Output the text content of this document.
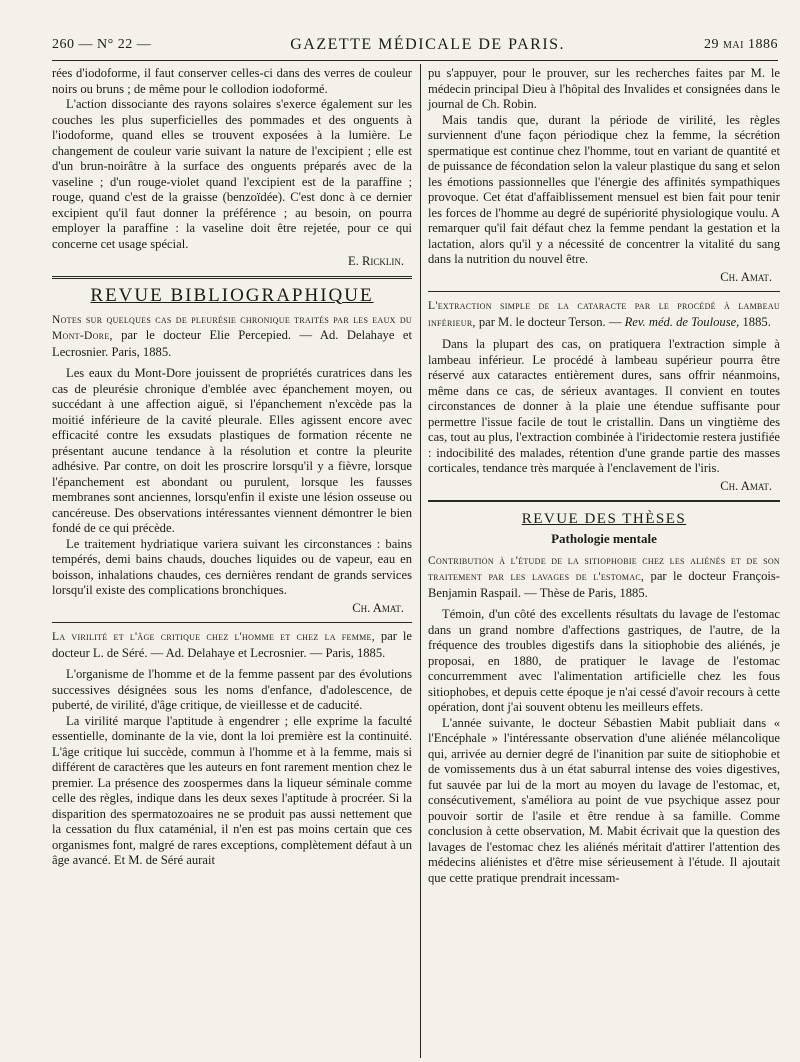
260 — N° 22 —	GAZETTE MÉDICALE DE PARIS.	29 mai 1886

rées d'iodoforme, il faut conserver celles-ci dans des verres de couleur noirs ou bruns ; de même pour le collodion iodoformé.

L'action dissociante des rayons solaires s'exerce également sur les couches les plus superficielles des pommades et des onguents à l'iodoforme, quand elles se trouvent exposées à la lumière. Le changement de couleur varie suivant la nature de l'excipient ; elle est d'un brun-noirâtre à la surface des onguents préparés avec de la vaseline ; d'un rouge-violet quand l'excipient est de la paraffine ; rouge, quand c'est de la graisse (benzoïdée). C'est donc à ce dernier excipient qu'il faut donner la préférence ; au besoin, on pourra employer la paraffine : la vaseline doit être rejetée, pour ce qui concerne cet usage spécial.

E. Ricklin.

REVUE BIBLIOGRAPHIQUE

Notes sur quelques cas de pleurésie chronique traités par les eaux du Mont-Dore, par le docteur Elie Percepied. — Ad. Delahaye et Lecrosnier. Paris, 1885.

Les eaux du Mont-Dore jouissent de propriétés curatrices dans les cas de pleurésie chronique d'emblée avec épanchement moyen, ou succédant à une affection aiguë, si l'épanchement n'excède pas la moitié inférieure de la cavité pleurale. Elles agissent encore avec efficacité contre les exsudats plastiques de formation récente ne présentant aucune tendance à la résolution et contre la pleurite adhésive. Par contre, on doit les proscrire lorsqu'il y a fièvre, lorsque l'épanchement est abondant ou purulent, lorsque les fausses membranes sont anciennes, lorsqu'enfin il existe une lésion osseuse ou cancéreuse. Des observations intéressantes viennent démontrer le bien fondé de ce qui précède.

Le traitement hydriatique variera suivant les circonstances : bains tempérés, demi bains chauds, douches liquides ou de vapeur, eau en boisson, inhalations chaudes, ces dernières rendant de grands services lorsqu'il existe des complications bronchiques.

Ch. Amat.

La virilité et l'âge critique chez l'homme et chez la femme, par le docteur L. de Séré. — Ad. Delahaye et Lecrosnier. — Paris, 1885.

L'organisme de l'homme et de la femme passent par des évolutions successives désignées sous les noms d'enfance, d'adolescence, de puberté, de virilité, d'âge critique, de vieillesse et de caducité.

La virilité marque l'aptitude à engendrer ; elle exprime la faculté essentielle, dominante de la vie, dont la loi première est la continuité. L'âge critique lui succède, commun à l'homme et à la femme, mais si différent de caractères que les auteurs en font rarement mention chez le premier. La présence des zoospermes dans la liqueur séminale comme celle des règles, indique dans les deux sexes l'aptitude à procréer. Si la disparition des spermatozoaires ne se produit pas aussi nettement que la cessation du flux cataménial, il n'en est pas moins certain que ces organismes font, malgré de rares exceptions, complètement défaut à un âge avancé. Et M. de Séré aurait

pu s'appuyer, pour le prouver, sur les recherches faites par M. le médecin principal Dieu à l'hôpital des Invalides et consignées dans le journal de Ch. Robin.

Mais tandis que, durant la période de virilité, les règles surviennent d'une façon périodique chez la femme, la sécrétion spermatique est continue chez l'homme, tout en variant de quantité et de puissance de fécondation selon la valeur plastique du sang et selon les émotions passionnelles que l'énergie des affinités sympathiques provoque. Cet état d'affaiblissement mensuel est bien fait pour tenir les forces de l'homme au degré de supériorité physiologique voulu. A remarquer qu'il fait défaut chez la femme pendant la gestation et la lactation, alors qu'il y a nécessité de concentrer la vitalité du sang dans la nutrition du nouvel être.

Ch. Amat.

L'extraction simple de la cataracte par le procédé à lambeau inférieur, par M. le docteur Terson. — Rev. méd. de Toulouse, 1885.

Dans la plupart des cas, on pratiquera l'extraction simple à lambeau inférieur. Le procédé à lambeau supérieur pourra être réservé aux cataractes entièrement dures, sans offrir néanmoins, même dans ce cas, de sérieux avantages. Il convient en toutes circonstances de donner à la plaie une étendue suffisante pour permettre l'issue facile de tout le cristallin. Dans un vingtième des cas, tout au plus, l'extraction combinée à l'iridectomie restera justifiée : indocibilité des malades, rétention d'une grande partie des masses corticales, tendance très marquée à l'enclavement de l'iris.

Ch. Amat.

REVUE DES THÈSES
Pathologie mentale

Contribution à l'étude de la sitiophobie chez les aliénés et de son traitement par les lavages de l'estomac, par le docteur François-Benjamin Raspail. — Thèse de Paris, 1885.

Témoin, d'un côté des excellents résultats du lavage de l'estomac dans un grand nombre d'affections gastriques, de l'autre, de la fréquence des troubles digestifs dans la sitiophobie des aliénés, je proposai, en 1880, de pratiquer le lavage de l'estomac concurremment avec l'alimentation artificielle chez les fous sitiophobes, et depuis cette époque je n'ai cessé d'avoir recours à cette opération, dont j'ai souvent obtenu les meilleurs effets.

L'année suivante, le docteur Sébastien Mabit publiait dans « l'Encéphale » l'intéressante observation d'une aliénée mélancolique qui, arrivée au dernier degré de l'inanition par suite de sitiophobie et de vomissements dus à un état saburral intense des voies digestives, fut sauvée par lui de la mort au moyen du lavage de l'estomac, et, consécutivement, s'améliora au point de vue psychique assez pour pouvoir sortir de l'asile et être rendue à sa famille. Comme conclusion à cette observation, M. Mabit écrivait que la question des lavages de l'estomac chez les aliénés méritait d'attirer l'attention des médecins aliénistes et d'être mise sérieusement à l'étude. Il ajoutait que cette pratique prendrait incessam-
